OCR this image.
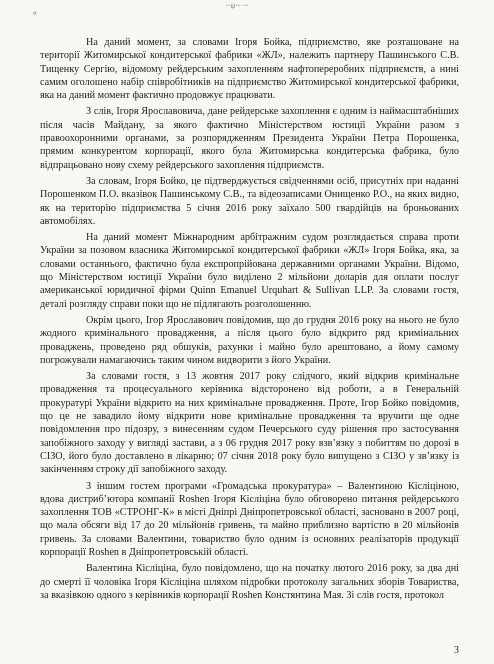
°
~ψ~·~

На даний момент, за словами Ігоря Бойка, підприємство, яке розташоване на території Житомирської кондитерської фабрики «ЖЛ», належить партнеру Пашинського С.В. Тищенку Сергію, відомому рейдерським захопленням нафтопереробних підприємств, а нині самим оголошено набір співробітників на підприємство Житомирської кондитерської фабрики, яка на даний момент фактично продовжує працювати.

З слів, Ігоря Ярославовича, дане рейдерське захоплення є одним із наймасштабніших після часів Майдану, за якого фактично Міністерством юстиції України разом з правоохоронними органами, за розпорядженням Президента України Петра Порошенка, прямим конкурентом корпорації, якого була Житомирська кондитерська фабрика, було відпрацьовано нову схему рейдерського захоплення підприємств.

За словам, Ігоря Бойко, це підтверджується свідченнями осіб, присутніх при наданні Порошенком П.О. вказівок Пашинському С.В., та відеозаписами Онищенко Р.О., на яких видно, як на територію підприємства 5 січня 2016 року заїхало 500 гвардійців на броньованих автомобілях.

На даний момент Міжнародним арбітражним судом розглядається справа проти України за позовом власника Житомирської кондитерської фабрики «ЖЛ» Ігоря Бойка, яка, за словами останнього, фактично була експропрійована державними органами України. Відомо, що Міністерством юстиції України було виділено 2 мільйони доларів для оплати послуг американської юридичної фірми Quinn Emanuel Urquhart & Sullivan LLP. За словами гостя, деталі розгляду справи поки що не підлягають розголошенню.

Окрім цього, Ігор Ярославович повідомив, що до грудня 2016 року на нього не було жодного кримінального провадження, а після цього було відкрито ряд кримінальних проваджень, проведено ряд обшуків, рахунки і майно було арештовано, а йому самому погрожували намагаючись таким чином видворити з його України.

За словами гостя, з 13 жовтня 2017 року слідчого, який відкрив кримінальне провадження та процесуального керівника відсторонено від роботи, а в Генеральній прокуратурі України відкрито на них кримінальне провадження. Проте, Ігор Бойко повідомив, що це не завадило йому відкрити нове кримінальне провадження та вручити ще одне повідомлення про підозру, з винесенням судом Печерського суду рішення про застосування запобіжного заходу у вигляді застави, а з 06 грудня 2017 року взв’язку з побиттям по дорозі в СІЗО, його було доставлено в лікарню; 07 січня 2018 року було випущено з СІЗО у зв’язку із закінченням строку дії запобіжного заходу.

З іншим гостем програми «Громадська прокуратура» – Валентиною Кісліціною, вдова дистриб’ютора компанії Roshen Ігоря Кісліціна було обговорено питання рейдерського захоплення ТОВ «СТРОНГ-К» в місті Дніпрі Дніпропетровської області, засновано в 2007 році, що мала обсяги від 17 до 20 мільйонів гривень, та майно приблизно вартістю в 20 мільйонів гривень. За словами Валентини, товариство було одним із основних реалізаторів продукції корпорації Roshen в Дніпропетровській області.

Валентина Кісліціна, було повідомлено, що на початку лютого 2016 року, за два дні до смерті її чоловіка Ігоря Кісліціна шляхом підробки протоколу загальних зборів Товариства, за вказівкою одного з керівників корпорації Roshen Констянтина Мая. Зі слів гостя, протокол

3
